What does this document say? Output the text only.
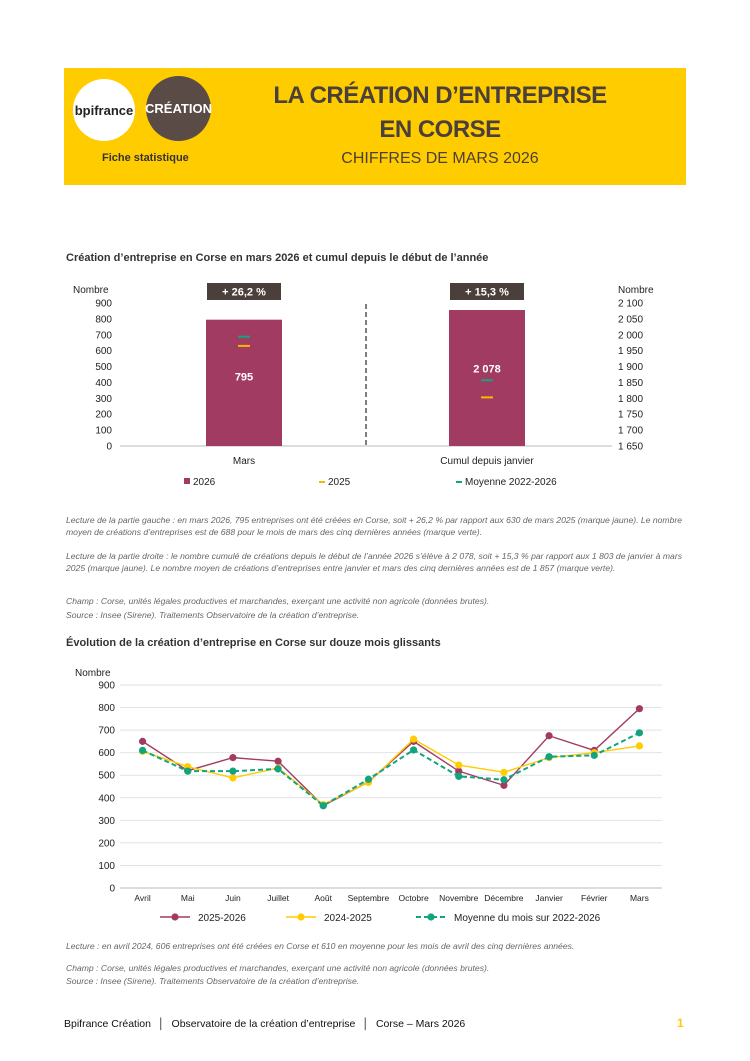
bpifrance CRÉATION
Fiche statistique
LA CRÉATION D’ENTREPRISE
EN CORSE
CHIFFRES DE MARS 2026
Création d’entreprise en Corse en mars 2026 et cumul depuis le début de l’année
Nombre	Nombre
0
100
200
300
400
500
600
700
800
900
1 650
1 700
1 750
1 800
1 850
1 900
1 950
2 000
2 050
2 100
795
+ 26,2 %
Mars
2 078
+ 15,3 %
Cumul depuis janvier
2026	2025	Moyenne 2022-2026
Lecture de la partie gauche : en mars 2026, 795 entreprises ont été créées en Corse, soit + 26,2 % par rapport aux 630 de mars 2025 (marque jaune). Le nombre moyen de créations d’entreprises est de 688 pour le mois de mars des cinq dernières années (marque verte).
Lecture de la partie droite : le nombre cumulé de créations depuis le début de l’année 2026 s’élève à 2 078, soit + 15,3 % par rapport aux 1 803 de janvier à mars 2025 (marque jaune). Le nombre moyen de créations d’entreprises entre janvier et mars des cinq dernières années est de 1 857 (marque verte).
Champ : Corse, unités légales productives et marchandes, exerçant une activité non agricole (données brutes).
Source : Insee (Sirene). Traitements Observatoire de la création d’entreprise.
Évolution de la création d’entreprise en Corse sur douze mois glissants
Nombre
0
100
200
300
400
500
600
700
800
900
Avril	Mai	Juin	Juillet	Août Septembre Octobre Novembre Décembre Janvier Février	Mars
2025-2026	2024-2025	Moyenne du mois sur 2022-2026
Lecture : en avril 2024, 606 entreprises ont été créées en Corse et 610 en moyenne pour les mois de avril des cinq dernières années.
Champ : Corse, unités légales productives et marchandes, exerçant une activité non agricole (données brutes).
Source : Insee (Sirene). Traitements Observatoire de la création d’entreprise.
Bpifrance Création │ Observatoire de la création d’entreprise │ Corse – Mars 2026	1
